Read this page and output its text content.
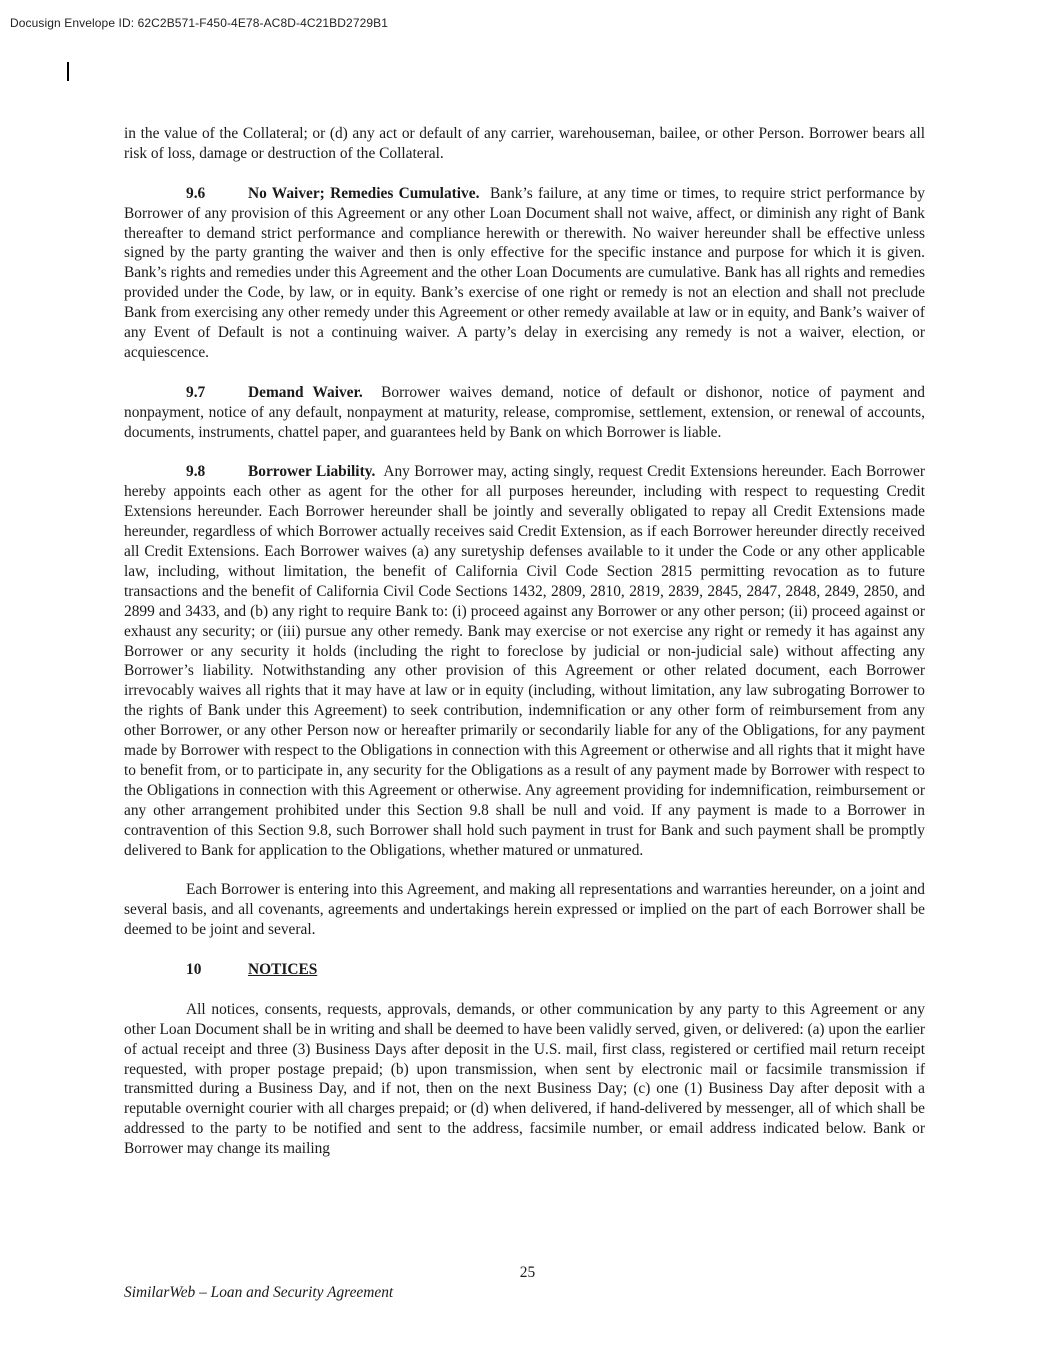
Docusign Envelope ID: 62C2B571-F450-4E78-AC8D-4C21BD2729B1

in the value of the Collateral; or (d) any act or default of any carrier, warehouseman, bailee, or other Person. Borrower bears all risk of loss, damage or destruction of the Collateral.

9.6	No Waiver; Remedies Cumulative. Bank’s failure, at any time or times, to require strict performance by Borrower of any provision of this Agreement or any other Loan Document shall not waive, affect, or diminish any right of Bank thereafter to demand strict performance and compliance herewith or therewith. No waiver hereunder shall be effective unless signed by the party granting the waiver and then is only effective for the specific instance and purpose for which it is given. Bank’s rights and remedies under this Agreement and the other Loan Documents are cumulative. Bank has all rights and remedies provided under the Code, by law, or in equity. Bank’s exercise of one right or remedy is not an election and shall not preclude Bank from exercising any other remedy under this Agreement or other remedy available at law or in equity, and Bank’s waiver of any Event of Default is not a continuing waiver. A party’s delay in exercising any remedy is not a waiver, election, or acquiescence.

9.7	Demand Waiver. Borrower waives demand, notice of default or dishonor, notice of payment and nonpayment, notice of any default, nonpayment at maturity, release, compromise, settlement, extension, or renewal of accounts, documents, instruments, chattel paper, and guarantees held by Bank on which Borrower is liable.

9.8	Borrower Liability. Any Borrower may, acting singly, request Credit Extensions hereunder. Each Borrower hereby appoints each other as agent for the other for all purposes hereunder, including with respect to requesting Credit Extensions hereunder. Each Borrower hereunder shall be jointly and severally obligated to repay all Credit Extensions made hereunder, regardless of which Borrower actually receives said Credit Extension, as if each Borrower hereunder directly received all Credit Extensions. Each Borrower waives (a) any suretyship defenses available to it under the Code or any other applicable law, including, without limitation, the benefit of California Civil Code Section 2815 permitting revocation as to future transactions and the benefit of California Civil Code Sections 1432, 2809, 2810, 2819, 2839, 2845, 2847, 2848, 2849, 2850, and 2899 and 3433, and (b) any right to require Bank to: (i) proceed against any Borrower or any other person; (ii) proceed against or exhaust any security; or (iii) pursue any other remedy. Bank may exercise or not exercise any right or remedy it has against any Borrower or any security it holds (including the right to foreclose by judicial or non-judicial sale) without affecting any Borrower’s liability. Notwithstanding any other provision of this Agreement or other related document, each Borrower irrevocably waives all rights that it may have at law or in equity (including, without limitation, any law subrogating Borrower to the rights of Bank under this Agreement) to seek contribution, indemnification or any other form of reimbursement from any other Borrower, or any other Person now or hereafter primarily or secondarily liable for any of the Obligations, for any payment made by Borrower with respect to the Obligations in connection with this Agreement or otherwise and all rights that it might have to benefit from, or to participate in, any security for the Obligations as a result of any payment made by Borrower with respect to the Obligations in connection with this Agreement or otherwise. Any agreement providing for indemnification, reimbursement or any other arrangement prohibited under this Section 9.8 shall be null and void. If any payment is made to a Borrower in contravention of this Section 9.8, such Borrower shall hold such payment in trust for Bank and such payment shall be promptly delivered to Bank for application to the Obligations, whether matured or unmatured.

Each Borrower is entering into this Agreement, and making all representations and warranties hereunder, on a joint and several basis, and all covenants, agreements and undertakings herein expressed or implied on the part of each Borrower shall be deemed to be joint and several.

10	NOTICES

All notices, consents, requests, approvals, demands, or other communication by any party to this Agreement or any other Loan Document shall be in writing and shall be deemed to have been validly served, given, or delivered: (a) upon the earlier of actual receipt and three (3) Business Days after deposit in the U.S. mail, first class, registered or certified mail return receipt requested, with proper postage prepaid; (b) upon transmission, when sent by electronic mail or facsimile transmission if transmitted during a Business Day, and if not, then on the next Business Day; (c) one (1) Business Day after deposit with a reputable overnight courier with all charges prepaid; or (d) when delivered, if hand-delivered by messenger, all of which shall be addressed to the party to be notified and sent to the address, facsimile number, or email address indicated below. Bank or Borrower may change its mailing

25
SimilarWeb – Loan and Security Agreement
